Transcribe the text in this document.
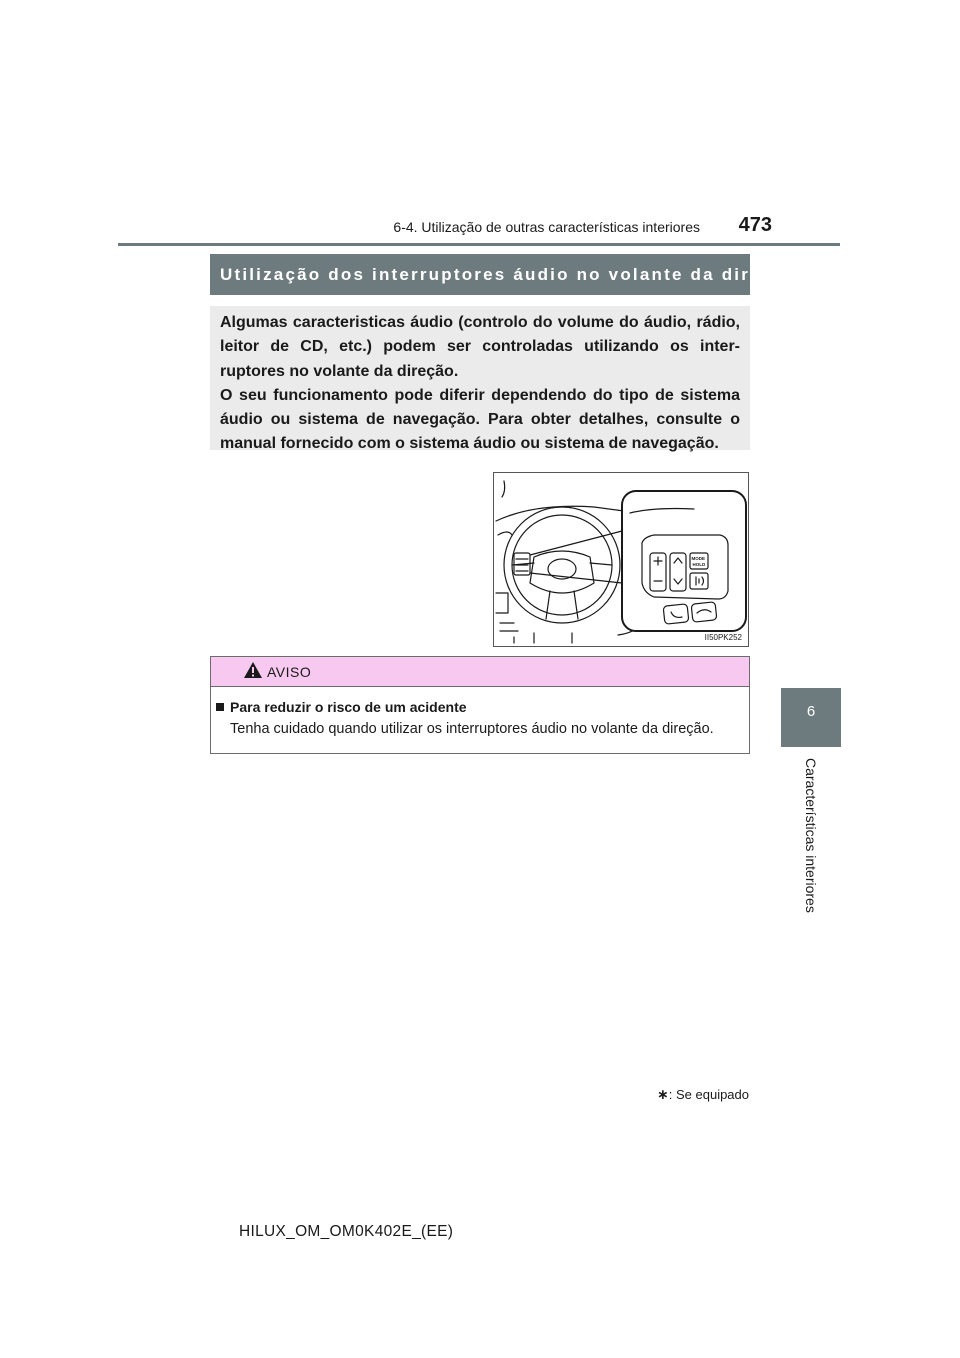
6-4. Utilização de outras características interiores	473
6
Características interiores
Utilização dos interruptores áudio no volante da direção ∗

Algumas caracteristicas áudio (controlo do volume do áudio, rádio, leitor de CD, etc.) podem ser controladas utilizando os inter-ruptores no volante da direção.

O seu funcionamento pode diferir dependendo do tipo de sistema áudio ou sistema de navegação. Para obter detalhes, consulte o manual fornecido com o sistema áudio ou sistema de navegação.

MODE
HOLD
II50PK252
AVISO
Para reduzir o risco de um acidente
Tenha cuidado quando utilizar os interruptores áudio no volante da direção.
∗: Se equipado
HILUX_OM_OM0K402E_(EE)
